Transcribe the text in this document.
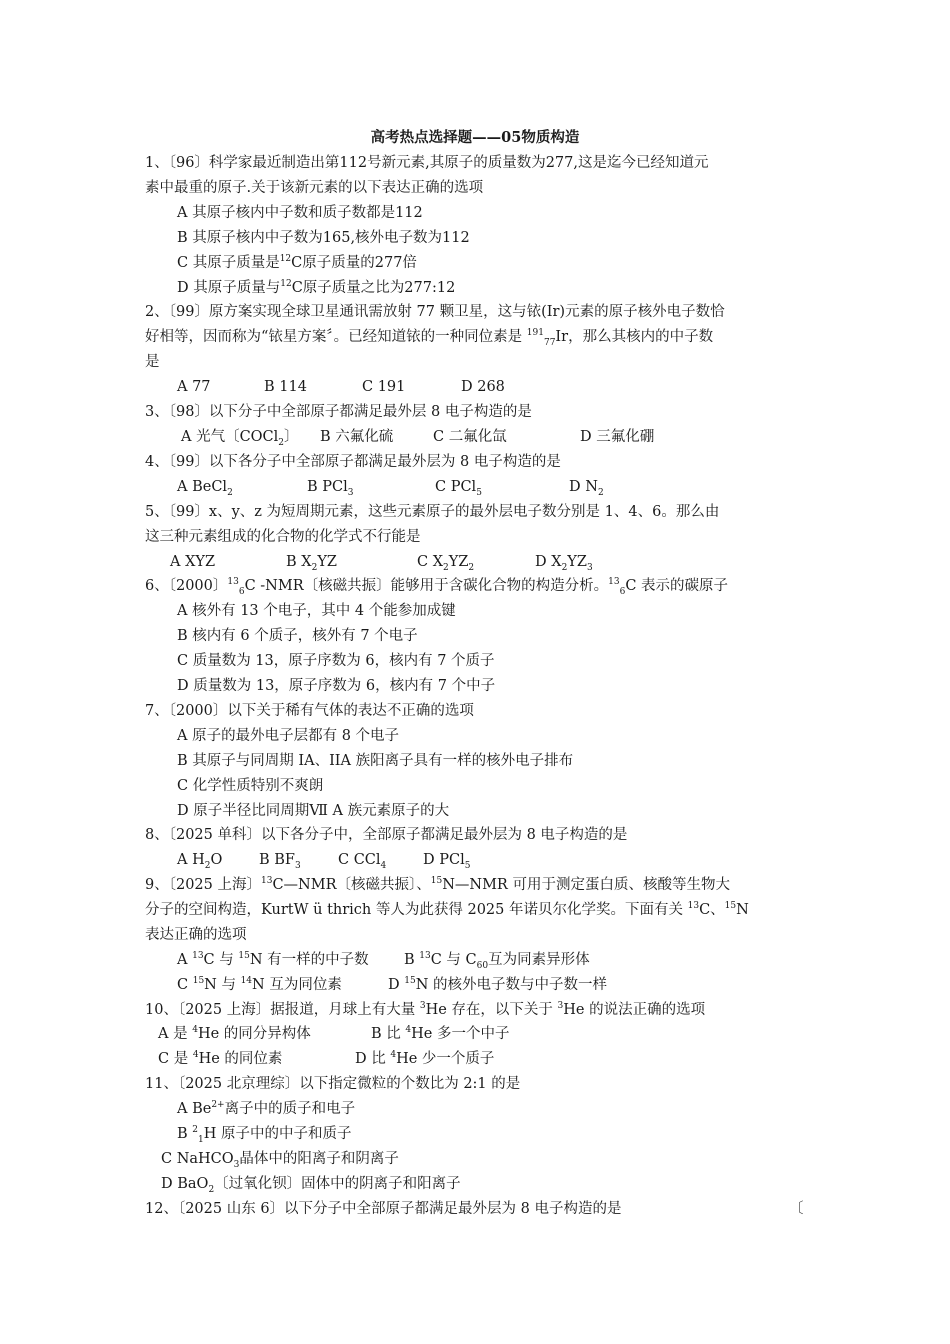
高考热点选择题——05物质构造
1、〔96〕科学家最近制造出第112号新元素,其原子的质量数为277,这是迄今已经知道元
素中最重的原子.关于该新元素的以下表达正确的选项
A 其原子核内中子数和质子数都是112
B 其原子核内中子数为165,核外电子数为112
C 其原子质量是$^{12}$C原子质量的277倍
D 其原子质量与$^{12}$C原子质量之比为277:12
2、〔99〕原方案实现全球卫星通讯需放射 77 颗卫星，这与铱(Ir)元素的原子核外电子数恰
好相等，因而称为“铱星方案〞。已经知道铱的一种同位素是 $^{191}_{77}$Ir，那么其核内的中子数
是
A 77	B 114	C 191	D 268
3、〔98〕以下分子中全部原子都满足最外层 8 电子构造的是
A 光气〔COCl$_2$〕 B 六氟化硫	C 二氟化氙	D 三氟化硼
4、〔99〕以下各分子中全部原子都满足最外层为 8 电子构造的是
A BeCl$_2$	B PCl$_3$	C PCl$_5$	D $N_2$
5、〔99〕x、y、z 为短周期元素，这些元素原子的最外层电子数分别是 1、4、6。那么由
这三种元素组成的化合物的化学式不行能是
A XYZ	B $X_2YZ$	C $X_2YZ_2$	D $X_2YZ_3$
6、〔2000〕$^{13}_6$C -NMR〔核磁共振〕能够用于含碳化合物的构造分析。$^{13}_6$C 表示的碳原子
A 核外有 13 个电子，其中 4 个能参加成键
B 核内有 6 个质子，核外有 7 个电子
C 质量数为 13，原子序数为 6，核内有 7 个质子
D 质量数为 13，原子序数为 6，核内有 7 个中子
7、〔2000〕以下关于稀有气体的表达不正确的选项
A 原子的最外电子层都有 8 个电子
B 其原子与同周期 IA、IIA 族阳离子具有一样的核外电子排布
C 化学性质特别不爽朗
D 原子半径比同周期Ⅶ A 族元素原子的大
8、〔2025 单科〕以下各分子中，全部原子都满足最外层为 8 电子构造的是
A $H_2O$	B $BF_3$	C CCl$_4$	D PCl$_5$
9、〔2025 上海〕$^{13}$C—NMR〔核磁共振〕、$^{15}$N—NMR 可用于测定蛋白质、核酸等生物大
分子的空间构造，KurtW ü thrich 等人为此获得 2025 年诺贝尔化学奖。下面有关 $^{13}$C、$^{15}$N
表达正确的选项
A $^{13}$C 与 $^{15}$N 有一样的中子数 B $^{13}$C 与 $C_{60}$互为同素异形体
C $^{15}$N 与 $^{14}$N 互为同位素	D $^{15}$N 的核外电子数与中子数一样
10、〔2025 上海〕据报道，月球上有大量 $^3$He 存在，以下关于 $^3$He 的说法正确的选项
A 是 $^4$He 的同分异构体	B 比 $^4$He 多一个中子
C 是 $^4$He 的同位素	D 比 $^4$He 少一个质子
11、〔2025 北京理综〕以下指定微粒的个数比为 2:1 的是
A $Be^{2+}$离子中的质子和电子
B $^2_1$H 原子中的中子和质子
C NaHCO$_3$晶体中的阳离子和阴离子
D BaO$_2$〔过氧化钡〕固体中的阴离子和阳离子
12、〔2025 山东 6〕以下分子中全部原子都满足最外层为 8 电子构造的是	〔
